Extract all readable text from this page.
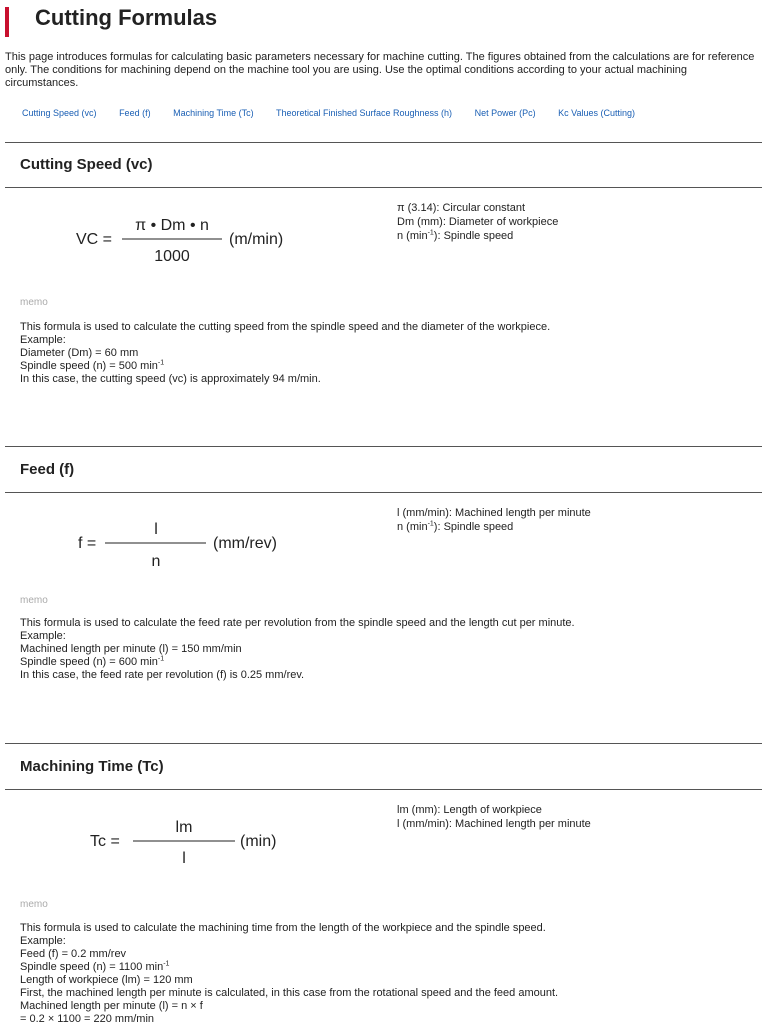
Cutting Formulas

This page introduces formulas for calculating basic parameters necessary for machine cutting. The figures obtained from the calculations are for reference only. The conditions for machining depend on the machine tool you are using. Use the optimal conditions according to your actual machining circumstances.

Cutting Speed (vc)	Feed (f)	Machining Time (Tc) Theoretical Finished Surface Roughness (h)	Net Power (Pc)	Kc Values (Cutting)
Cutting Speed (vc)
VC =
π • Dm • n
1000
(m/min)
π (3.14): Circular constant
Dm (mm): Diameter of workpiece
n $(\min^{-1})$: Spindle speed
memo
This formula is used to calculate the cutting speed from the spindle speed and the diameter of the workpiece.
Example:
Diameter (Dm) = 60 mm
Spindle speed (n) = 500 $\min^{-1}$
In this case, the cutting speed (vc) is approximately 94 m/min.
Feed (f)
f =
l
n
(mm/rev)
l (mm/min): Machined length per minute
n $(\min^{-1})$: Spindle speed
memo
This formula is used to calculate the feed rate per revolution from the spindle speed and the length cut per minute.
Example:
Machined length per minute (l) = 150 mm/min
Spindle speed (n) = 600 $\min^{-1}$
In this case, the feed rate per revolution (f) is 0.25 mm/rev.
Machining Time (Tc)
Tc =
lm
l
(min)
lm (mm): Length of workpiece
l (mm/min): Machined length per minute
memo
This formula is used to calculate the machining time from the length of the workpiece and the spindle speed.
Example:
Feed (f) = 0.2 mm/rev
Spindle speed (n) = 1100 $\min^{-1}$
Length of workpiece (lm) = 120 mm
First, the machined length per minute is calculated, in this case from the rotational speed and the feed amount.
Machined length per minute (l) = n × f
= 0.2 × 1100 = 220 mm/min
